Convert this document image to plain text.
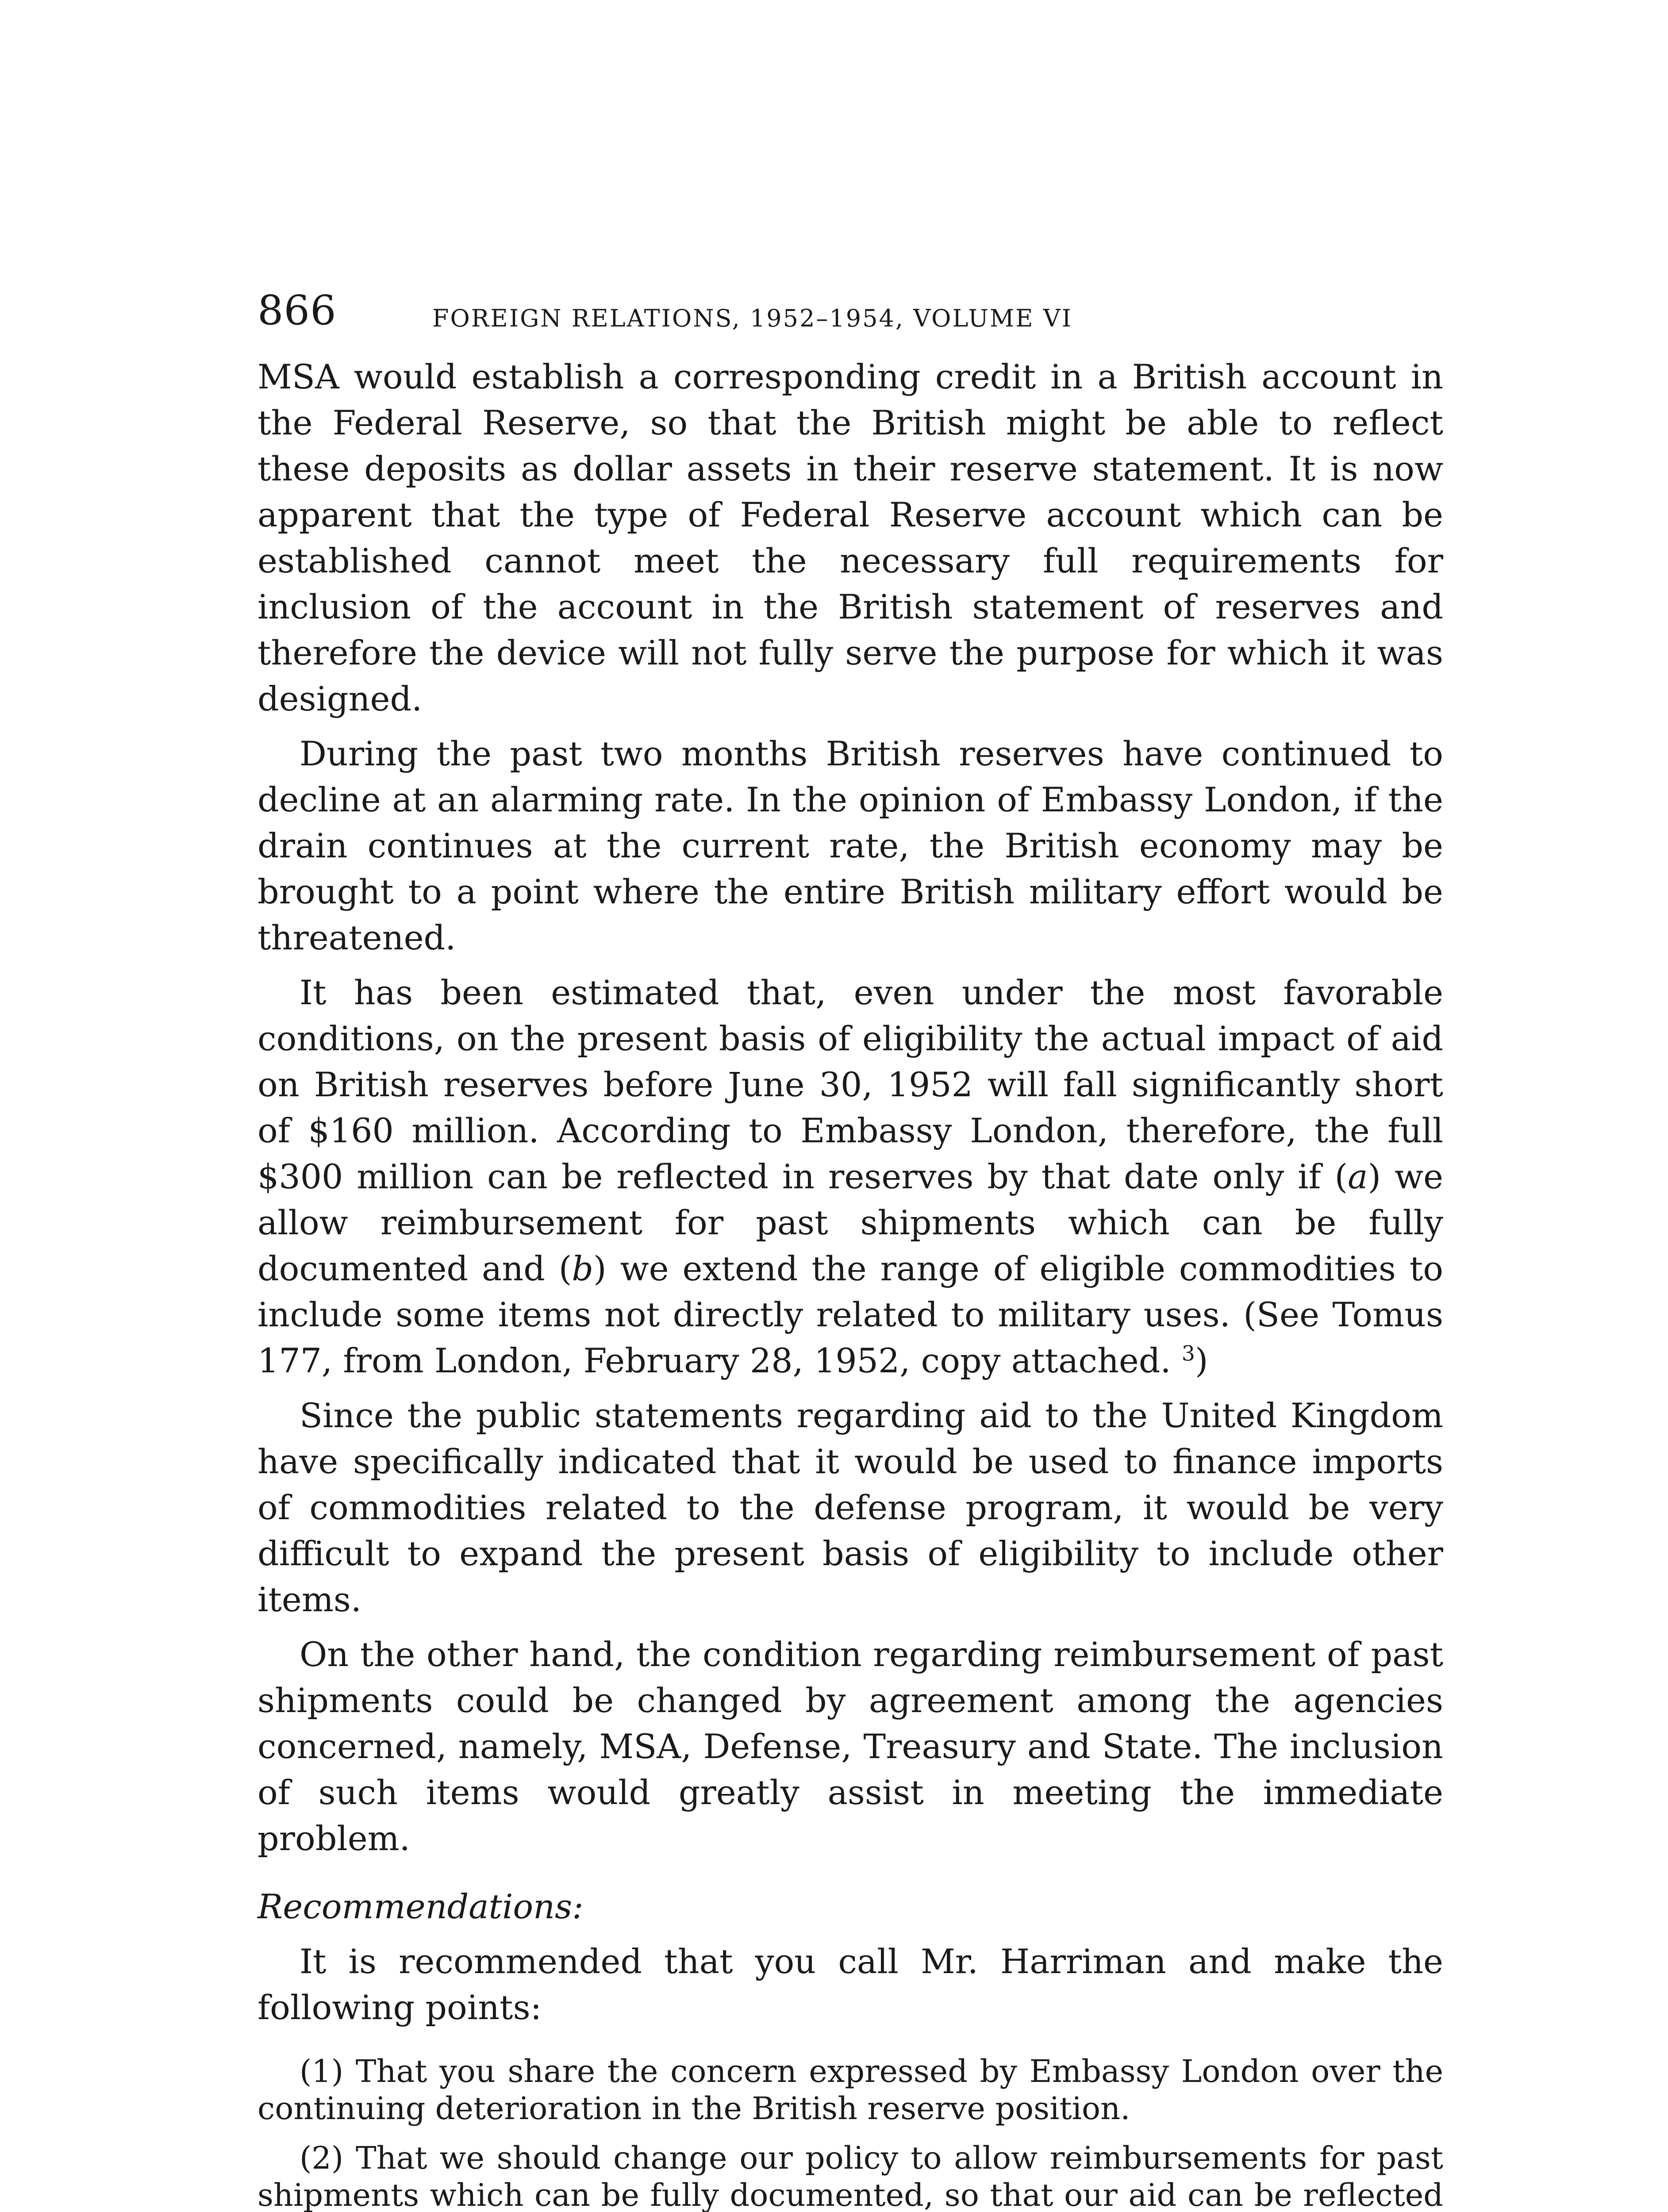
866	FOREIGN RELATIONS, 1952–1954, VOLUME VI

MSA would establish a corresponding credit in a British account in the Federal Reserve, so that the British might be able to reflect these deposits as dollar assets in their reserve statement. It is now apparent that the type of Federal Reserve account which can be established cannot meet the necessary full requirements for inclusion of the account in the British statement of reserves and therefore the device will not fully serve the purpose for which it was designed.

During the past two months British reserves have continued to decline at an alarming rate. In the opinion of Embassy London, if the drain continues at the current rate, the British economy may be brought to a point where the entire British military effort would be threatened.

It has been estimated that, even under the most favorable conditions, on the present basis of eligibility the actual impact of aid on British reserves before June 30, 1952 will fall significantly short of $160 million. According to Embassy London, therefore, the full $300 million can be reflected in reserves by that date only if (a) we allow reimbursement for past shipments which can be fully documented and (b) we extend the range of eligible commodities to include some items not directly related to military uses. (See Tomus 177, from London, February 28, 1952, copy attached. $^3$)

Since the public statements regarding aid to the United Kingdom have specifically indicated that it would be used to finance imports of commodities related to the defense program, it would be very difficult to expand the present basis of eligibility to include other items.

On the other hand, the condition regarding reimbursement of past shipments could be changed by agreement among the agencies concerned, namely, MSA, Defense, Treasury and State. The inclusion of such items would greatly assist in meeting the immediate problem.

Recommendations:

It is recommended that you call Mr. Harriman and make the following points:

(1) That you share the concern expressed by Embassy London over the continuing deterioration in the British reserve position.

(2) That we should change our policy to allow reimbursements for past shipments which can be fully documented, so that our aid can be reflected
